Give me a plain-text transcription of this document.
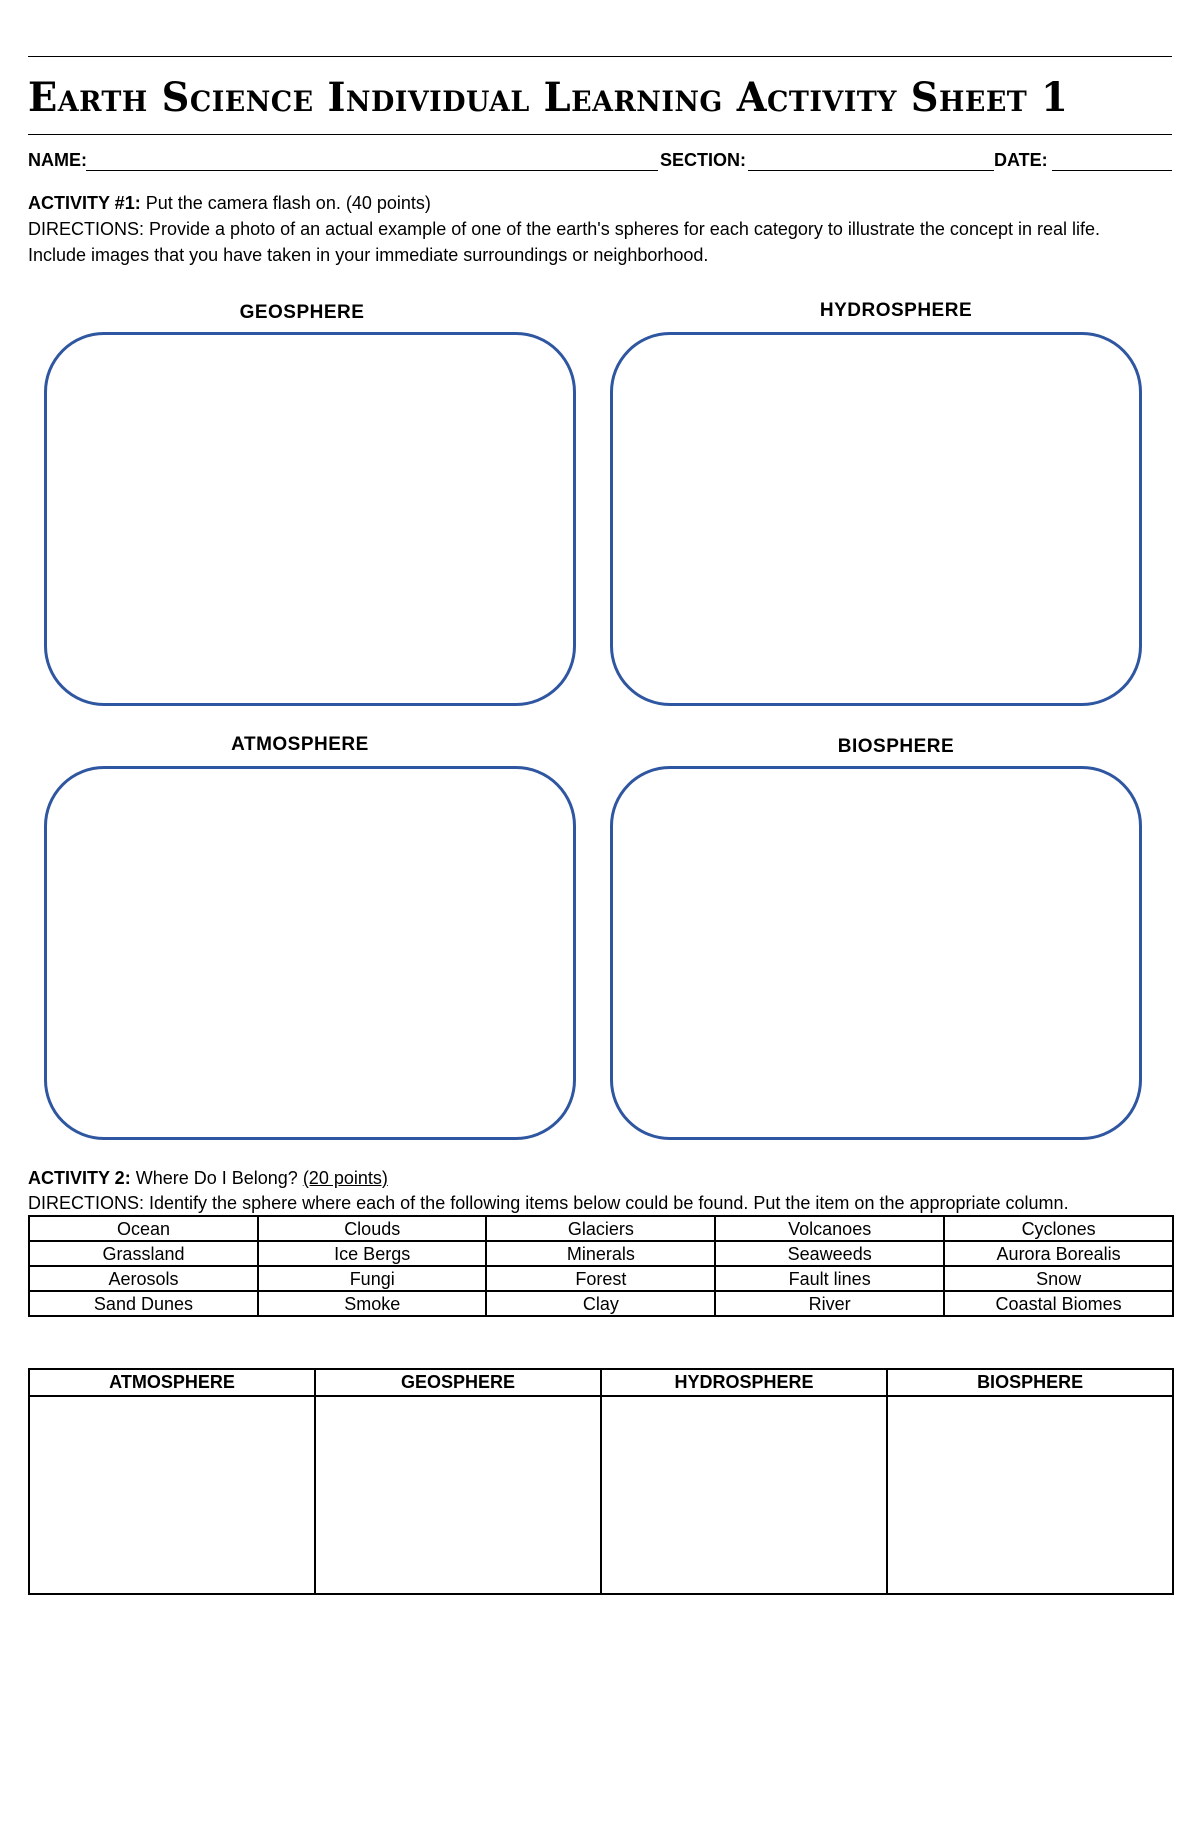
Earth Science Individual Learning Activity Sheet 1
NAME:	SECTION:	DATE:
ACTIVITY #1: Put the camera flash on. (40 points)
DIRECTIONS: Provide a photo of an actual example of one of the earth's spheres for each category to illustrate the concept in real life.
Include images that you have taken in your immediate surroundings or neighborhood.
GEOSPHERE	HYDROSPHERE
ATMOSPHERE	BIOSPHERE
ACTIVITY 2: Where Do I Belong? (20 points)
DIRECTIONS: Identify the sphere where each of the following items below could be found. Put the item on the appropriate column.
Ocean	Clouds	Glaciers	Volcanoes	Cyclones
Grassland	Ice Bergs	Minerals	Seaweeds	Aurora Borealis
Aerosols	Fungi	Forest	Fault lines	Snow
Sand Dunes	Smoke	Clay	River	Coastal Biomes
ATMOSPHERE	GEOSPHERE	HYDROSPHERE	BIOSPHERE
